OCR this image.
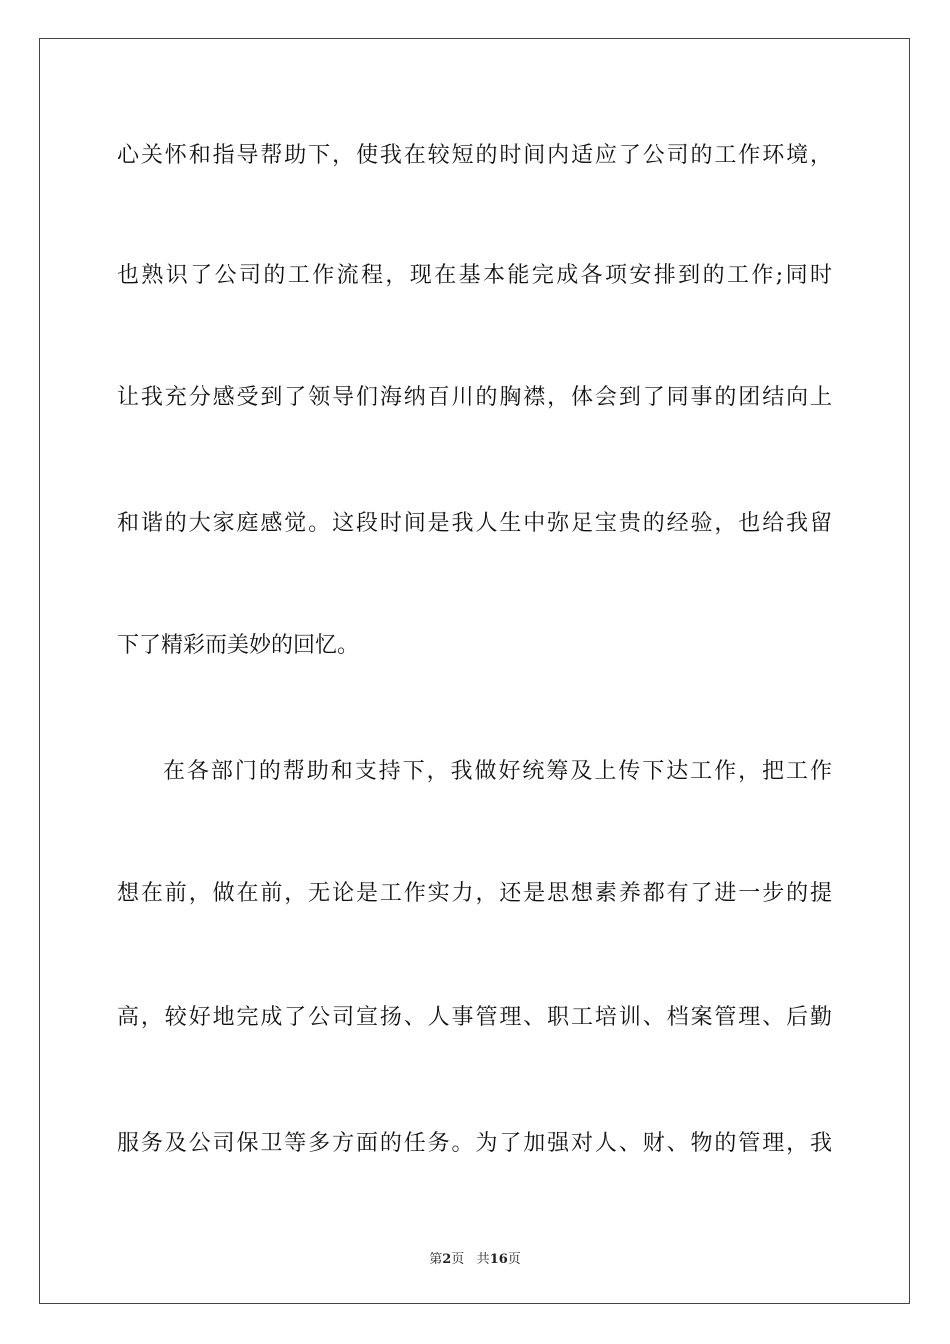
心关怀和指导帮助下，使我在较短的时间内适应了公司的工作环境，
也熟识了公司的工作流程，现在基本能完成各项安排到的工作;同时
让我充分感受到了领导们海纳百川的胸襟，体会到了同事的团结向上
和谐的大家庭感觉。这段时间是我人生中弥足宝贵的经验，也给我留
下了精彩而美妙的回忆。
在各部门的帮助和支持下，我做好统筹及上传下达工作，把工作
想在前，做在前，无论是工作实力，还是思想素养都有了进一步的提
高，较好地完成了公司宣扬、人事管理、职工培训、档案管理、后勤
服务及公司保卫等多方面的任务。为了加强对人、财、物的管理，我
第2页 共16页
